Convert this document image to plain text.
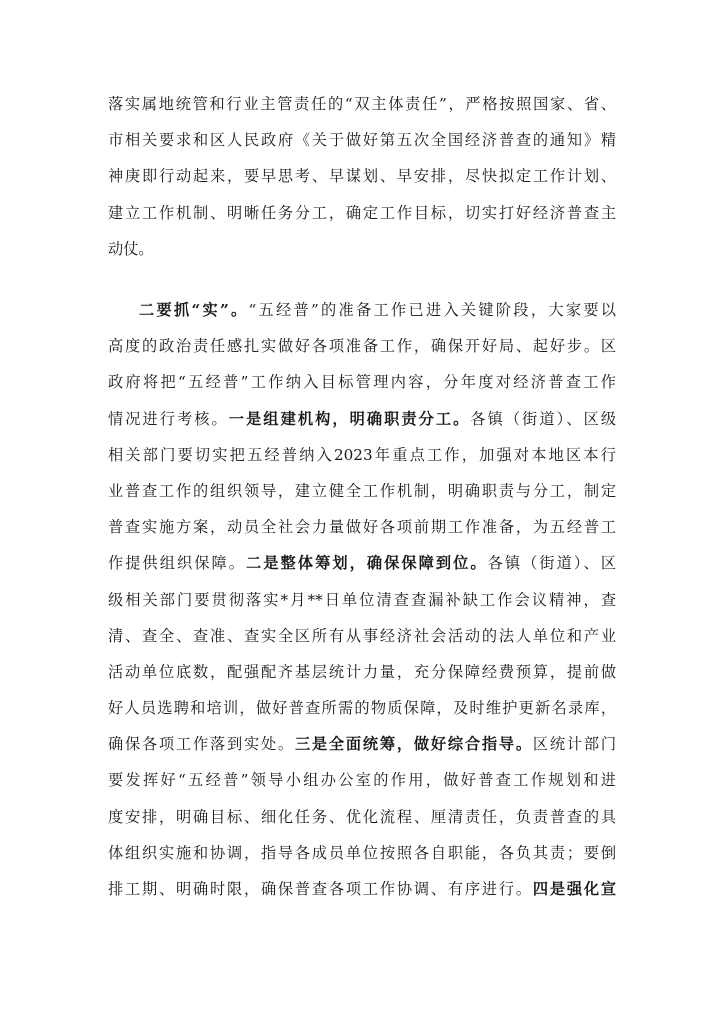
落实属地统管和行业主管责任的“双主体责任”，严格按照国家、省、
市相关要求和区人民政府《关于做好第五次全国经济普查的通知》精
神庚即行动起来，要早思考、早谋划、早安排，尽快拟定工作计划、
建立工作机制、明晰任务分工，确定工作目标，切实打好经济普查主
动仗。
二要抓“实”。“五经普”的准备工作已进入关键阶段，大家要以
高度的政治责任感扎实做好各项准备工作，确保开好局、起好步。区
政府将把“五经普”工作纳入目标管理内容，分年度对经济普查工作
情况进行考核。一是组建机构，明确职责分工。各镇（街道）、区级
相关部门要切实把五经普纳入2023年重点工作，加强对本地区本行
业普查工作的组织领导，建立健全工作机制，明确职责与分工，制定
普查实施方案，动员全社会力量做好各项前期工作准备，为五经普工
作提供组织保障。二是整体筹划，确保保障到位。各镇（街道）、区
级相关部门要贯彻落实*月**日单位清查查漏补缺工作会议精神，查
清、查全、查准、查实全区所有从事经济社会活动的法人单位和产业
活动单位底数，配强配齐基层统计力量，充分保障经费预算，提前做
好人员选聘和培训，做好普查所需的物质保障，及时维护更新名录库，
确保各项工作落到实处。三是全面统筹，做好综合指导。区统计部门
要发挥好“五经普”领导小组办公室的作用，做好普查工作规划和进
度安排，明确目标、细化任务、优化流程、厘清责任，负责普查的具
体组织实施和协调，指导各成员单位按照各自职能，各负其责；要倒
排工期、明确时限，确保普查各项工作协调、有序进行。四是强化宣
